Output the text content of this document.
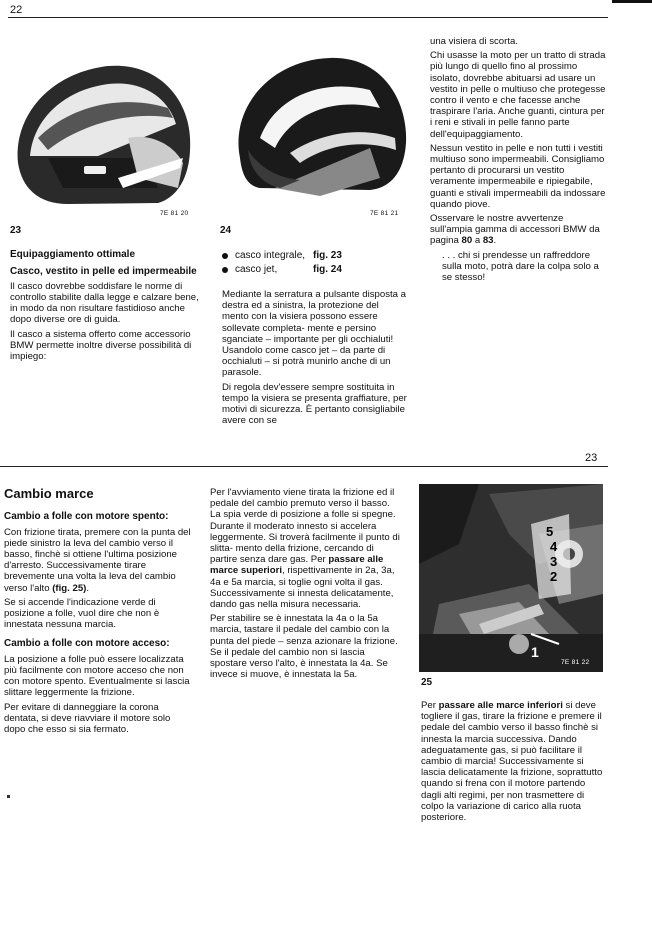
22
7E 81 20
23
7E 81 21
24

Equipaggiamento ottimale

Casco, vestito in pelle ed impermeabile

Il casco dovrebbe soddisfare le norme di controllo stabilite dalla legge e calzare bene, in modo da non risultare fastidioso anche dopo diverse ore di guida.

Il casco a sistema offerto come accessorio BMW permette inoltre diverse possibilità di impiego:

casco integrale, fig. 23
casco jet,	fig. 24

Mediante la serratura a pulsante disposta a destra ed a sinistra, la protezione del mento con la visiera possono essere sollevate completa- mente e persino sganciate – importante per gli occhialuti! Usandolo come casco jet – da parte di occhialuti – si potrà munirlo anche di un parasole.

Di regola dev'essere sempre sostituita in tempo la visiera se presenta graffiature, per motivi di sicurezza. È pertanto consigliabile avere con se

una visiera di scorta.

Chi usasse la moto per un tratto di strada più lungo di quello fino al prossimo isolato, dovrebbe abituarsi ad usare un vestito in pelle o multiuso che protegesse contro il vento e che facesse anche traspirare l'aria. Anche guanti, cintura per i reni e stivali in pelle fanno parte dell'equipaggiamento.

Nessun vestito in pelle e non tutti i vestiti multiuso sono impermeabili. Consigliamo pertanto di procurarsi un vestito veramente impermeabile e ripiegabile, guanti e stivali impermeabili da indossare quando piove.

Osservare le nostre avvertenze sull'ampia gamma di accessori BMW da pagina 80 a 83.

. . . chi si prendesse un raffreddore sulla moto, potrà dare la colpa solo a se stesso!

23
Cambio marce

Cambio a folle con motore spento:

Con frizione tirata, premere con la punta del piede sinistro la leva del cambio verso il basso, finchè si ottiene l'ultima posizione d'arresto. Successivamente tirare brevemente una volta la leva del cambio verso l'alto (fig. 25).

Se si accende l'indicazione verde di posizione a folle, vuol dire che non è innestata nessuna marcia.

Cambio a folle con motore acceso:

La posizione a folle può essere localizzata più facilmente con motore acceso che non con motore spento. Eventualmente si lascia slittare leggermente la frizione.

Per evitare di danneggiare la corona dentata, si deve riavviare il motore solo dopo che esso si sia fermato.

Per l'avviamento viene tirata la frizione ed il pedale del cambio premuto verso il basso. La spia verde di posizione a folle si spegne. Durante il moderato innesto si accelera leggermente. Si troverà facilmente il punto di slitta- mento della frizione, cercando di partire senza dare gas. Per passare alle marce superiori, rispettivamente in 2a, 3a, 4a e 5a marcia, si toglie ogni volta il gas. Successivamente si innesta delicatamente, dando gas nella misura necessaria.

Per stabilire se è innestata la 4a o la 5a marcia, tastare il pedale del cambio con la punta del piede – senza azionare la frizione. Se il pedale del cambio non si lascia spostare verso l'alto, è innestata la 4a. Se invece si muove, è innestata la 5a.

5
4
3
2
1
7E 81 22
25

Per passare alle marce inferiori si deve togliere il gas, tirare la frizione e premere il pedale del cambio verso il basso finchè si innesta la marcia successiva. Dando adeguatamente gas, si può facilitare il cambio di marcia! Successivamente si lascia delicatamente la frizione, soprattutto quando si frena con il motore partendo dagli alti regimi, per non trasmettere di colpo la variazione di carico alla ruota posteriore.
